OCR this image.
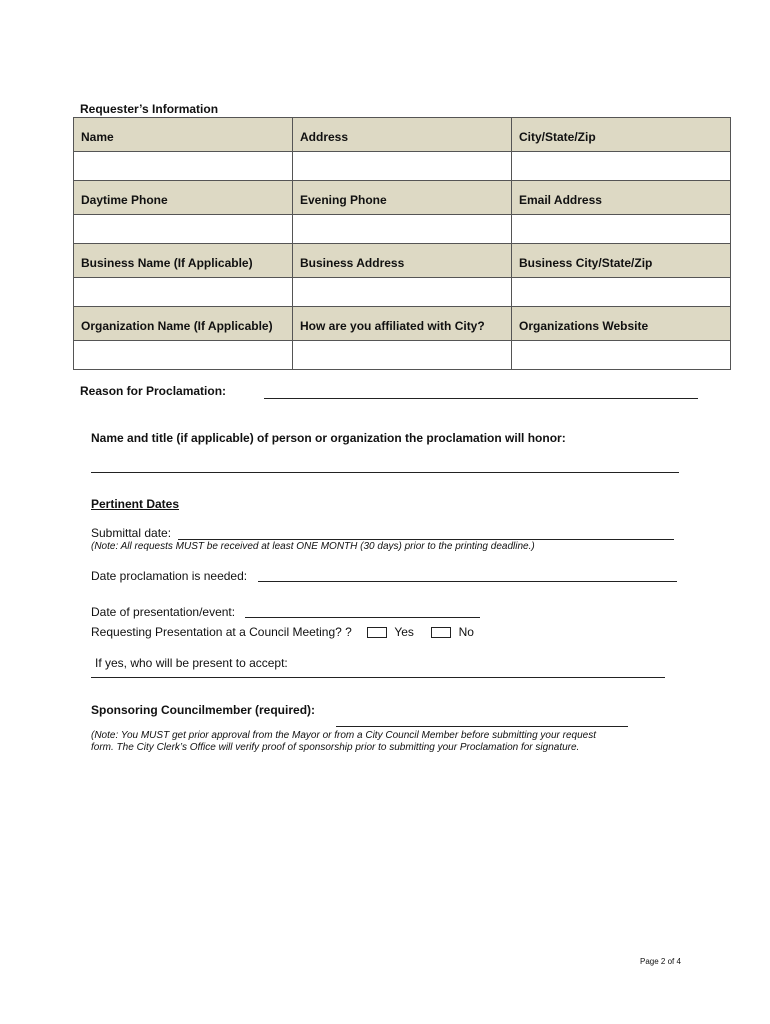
Requester’s Information
Name	Address	City/State/Zip

Daytime Phone	Evening Phone	Email Address

Business Name (If Applicable)	Business Address	Business City/State/Zip

Organization Name (If Applicable)	How are you affiliated with City?	Organizations Website

Reason for Proclamation:
Name and title (if applicable) of person or organization the proclamation will honor:
Pertinent Dates
Submittal date:
(Note: All requests MUST be received at least ONE MONTH (30 days) prior to the printing deadline.)
Date proclamation is needed:
Date of presentation/event:
Requesting Presentation at a Council Meeting? ?	Yes	No
If yes, who will be present to accept:
Sponsoring Councilmember (required):
(Note: You MUST get prior approval from the Mayor or from a City Council Member before submitting your request
form. The City Clerk’s Office will verify proof of sponsorship prior to submitting your Proclamation for signature.
Page 2 of 4
